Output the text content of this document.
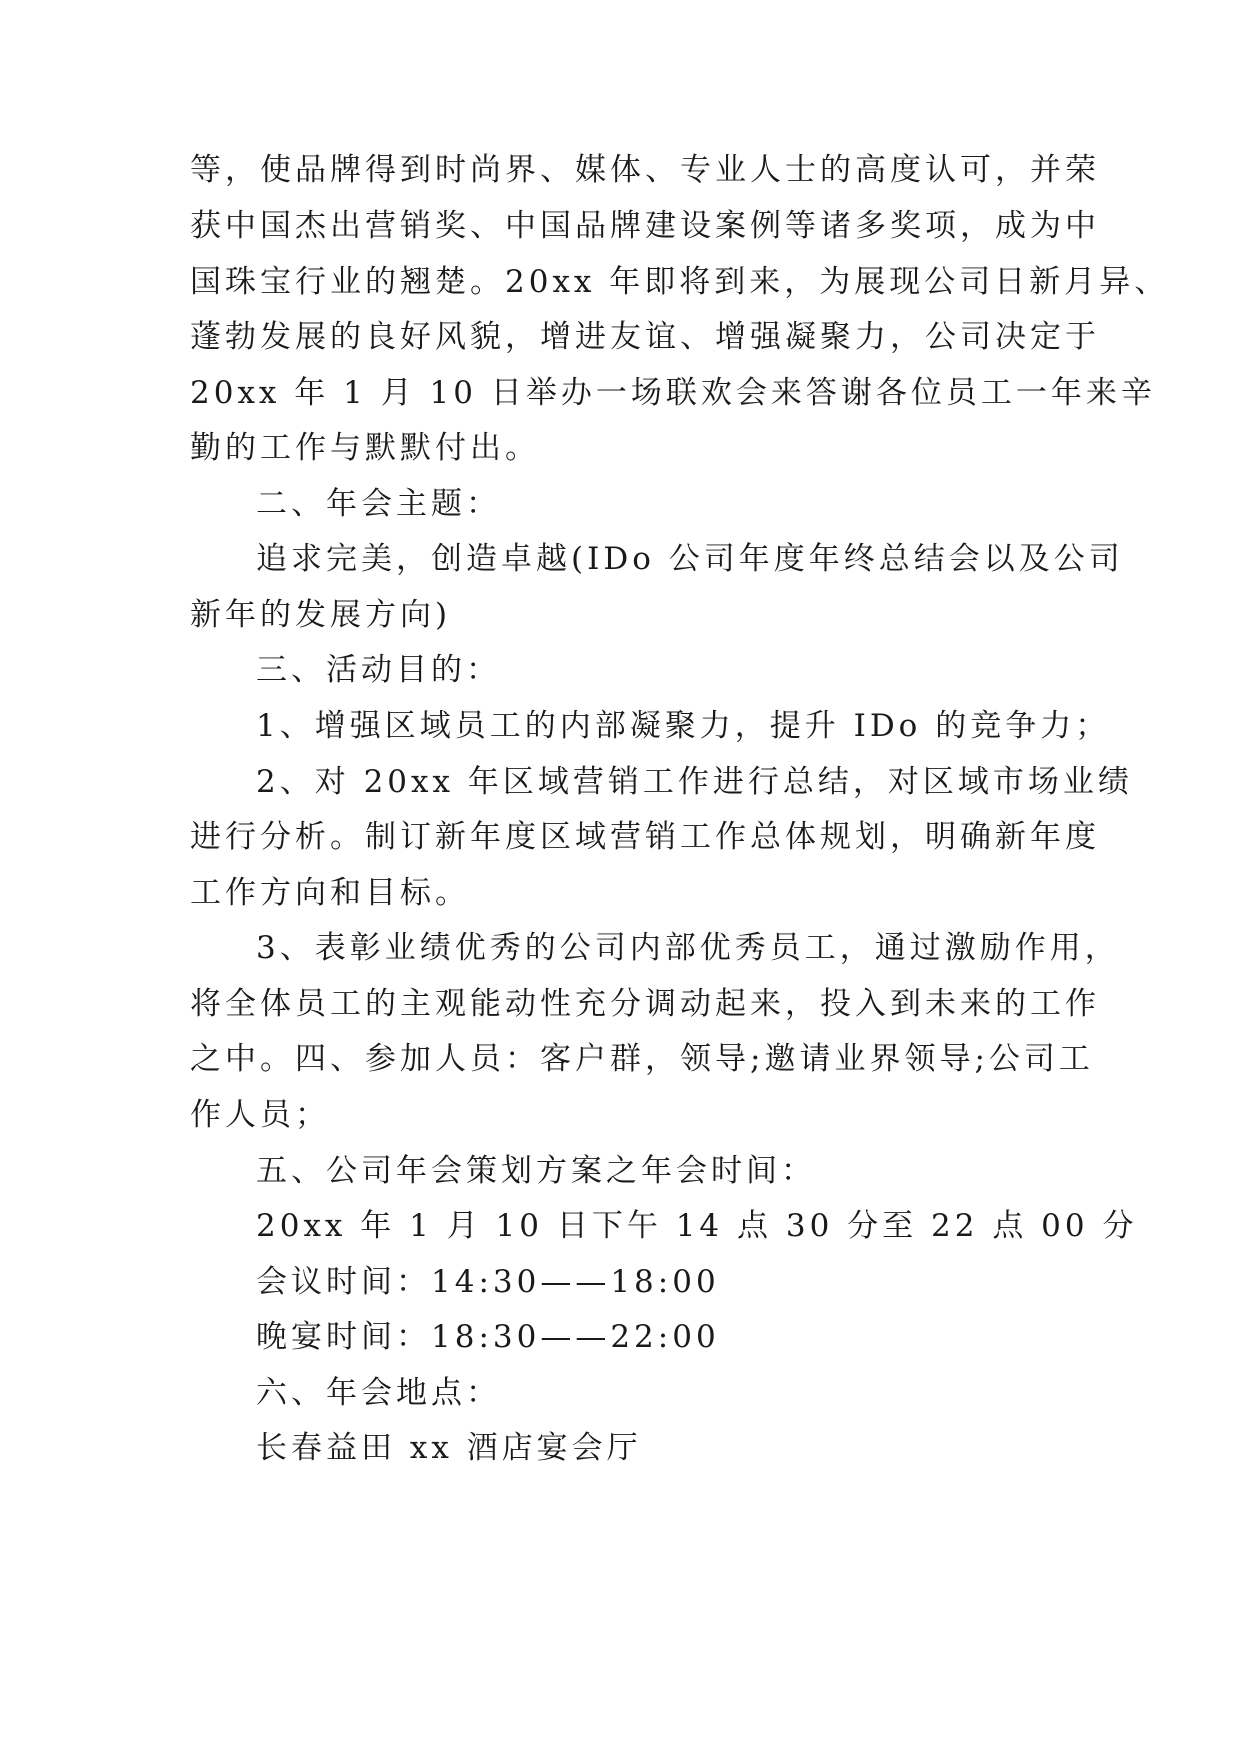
等，使品牌得到时尚界、媒体、专业人士的高度认可，并荣
获中国杰出营销奖、中国品牌建设案例等诸多奖项，成为中
国珠宝行业的翘楚。20xx 年即将到来，为展现公司日新月异、
蓬勃发展的良好风貌，增进友谊、增强凝聚力，公司决定于
20xx 年 1 月 10 日举办一场联欢会来答谢各位员工一年来辛
勤的工作与默默付出。
二、年会主题：
追求完美，创造卓越(IDo 公司年度年终总结会以及公司
新年的发展方向)
三、活动目的：
1、增强区域员工的内部凝聚力，提升 IDo 的竞争力；
2、对 20xx 年区域营销工作进行总结，对区域市场业绩
进行分析。制订新年度区域营销工作总体规划，明确新年度
工作方向和目标。
3、表彰业绩优秀的公司内部优秀员工，通过激励作用，
将全体员工的主观能动性充分调动起来，投入到未来的工作
之中。四、参加人员：客户群，领导;邀请业界领导;公司工
作人员；
五、公司年会策划方案之年会时间：
20xx 年 1 月 10 日下午 14 点 30 分至 22 点 00 分
会议时间：14:30——18:00
晚宴时间：18:30——22:00
六、年会地点：
长春益田 xx 酒店宴会厅
